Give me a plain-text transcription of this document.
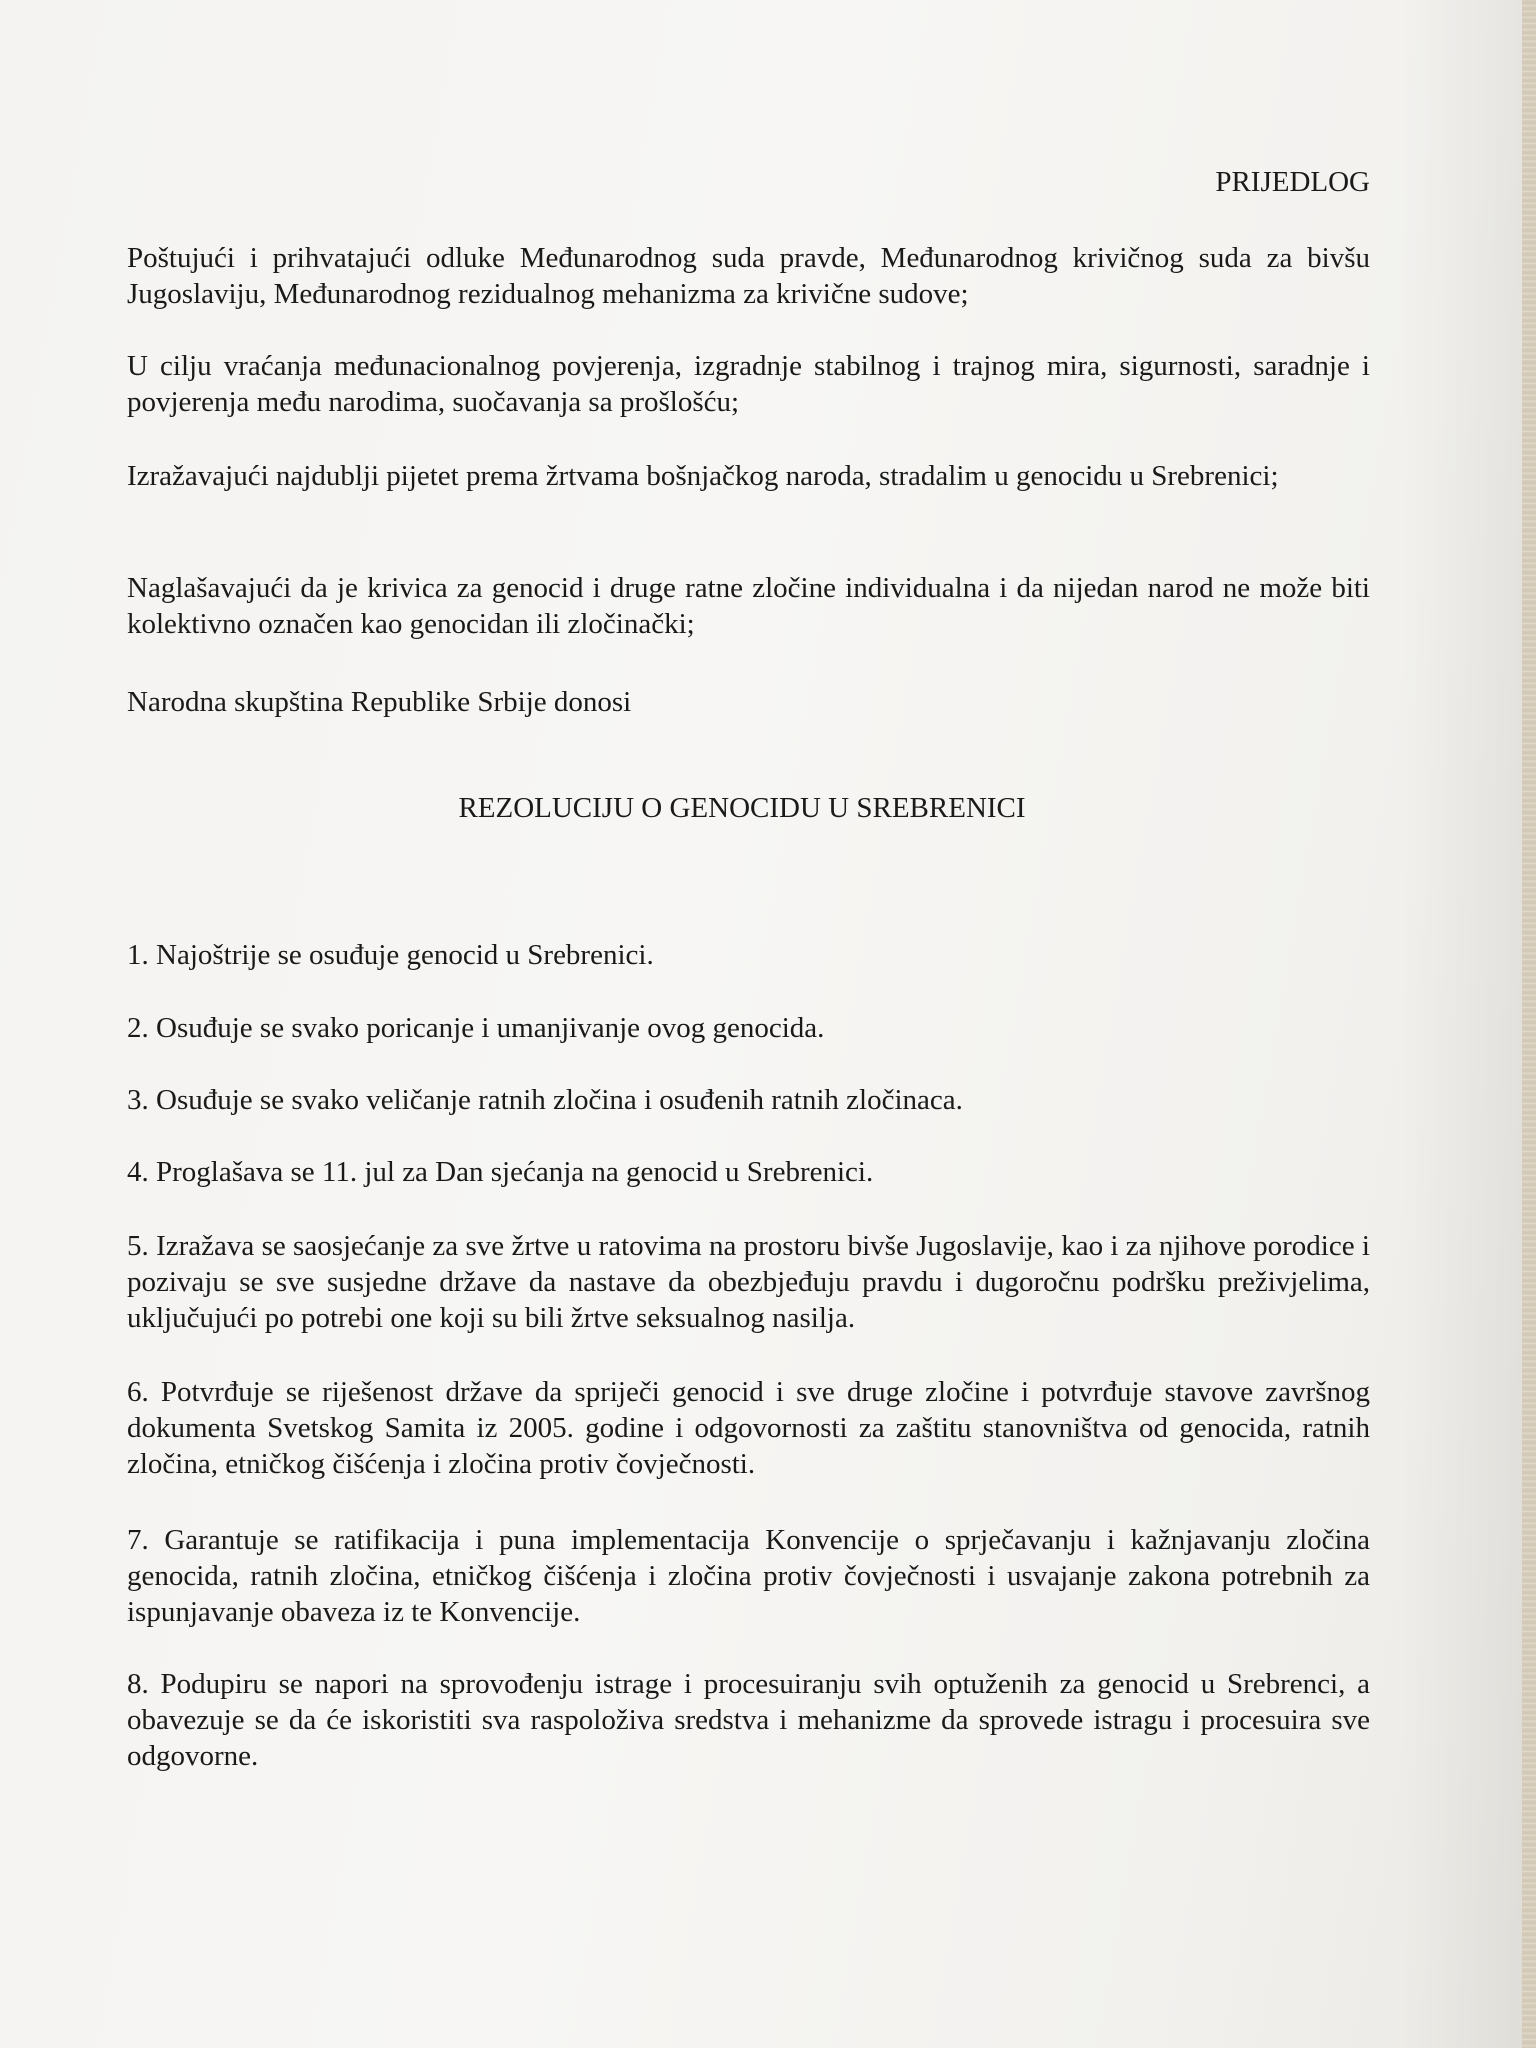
PRIJEDLOG
Poštujući i prihvatajući odluke Međunarodnog suda pravde, Međunarodnog krivičnog suda za bivšu Jugoslaviju, Međunarodnog rezidualnog mehanizma za krivične sudove;
U cilju vraćanja međunacionalnog povjerenja, izgradnje stabilnog i trajnog mira, sigurnosti, saradnje i povjerenja među narodima, suočavanja sa prošlošću;
Izražavajući najdublji pijetet prema žrtvama bošnjačkog naroda, stradalim u genocidu u Srebrenici;
Naglašavajući da je krivica za genocid i druge ratne zločine individualna i da nijedan narod ne može biti kolektivno označen kao genocidan ili zločinački;
Narodna skupština Republike Srbije donosi
REZOLUCIJU O GENOCIDU U SREBRENICI
1. Najoštrije se osuđuje genocid u Srebrenici.
2. Osuđuje se svako poricanje i umanjivanje ovog genocida.
3. Osuđuje se svako veličanje ratnih zločina i osuđenih ratnih zločinaca.
4. Proglašava se 11. jul za Dan sjećanja na genocid u Srebrenici.
5. Izražava se saosjećanje za sve žrtve u ratovima na prostoru bivše Jugoslavije, kao i za njihove porodice i pozivaju se sve susjedne države da nastave da obezbjeđuju pravdu i dugoročnu podršku preživjelima, uključujući po potrebi one koji su bili žrtve seksualnog nasilja.
6. Potvrđuje se riješenost države da spriječi genocid i sve druge zločine i potvrđuje stavove završnog dokumenta Svetskog Samita iz 2005. godine i odgovornosti za zaštitu stanovništva od genocida, ratnih zločina, etničkog čišćenja i zločina protiv čovječnosti.
7. Garantuje se ratifikacija i puna implementacija Konvencije o sprječavanju i kažnjavanju zločina genocida, ratnih zločina, etničkog čišćenja i zločina protiv čovječnosti i usvajanje zakona potrebnih za ispunjavanje obaveza iz te Konvencije.
8. Podupiru se napori na sprovođenju istrage i procesuiranju svih optuženih za genocid u Srebrenci, a obavezuje se da će iskoristiti sva raspoloživa sredstva i mehanizme da sprovede istragu i procesuira sve odgovorne.
